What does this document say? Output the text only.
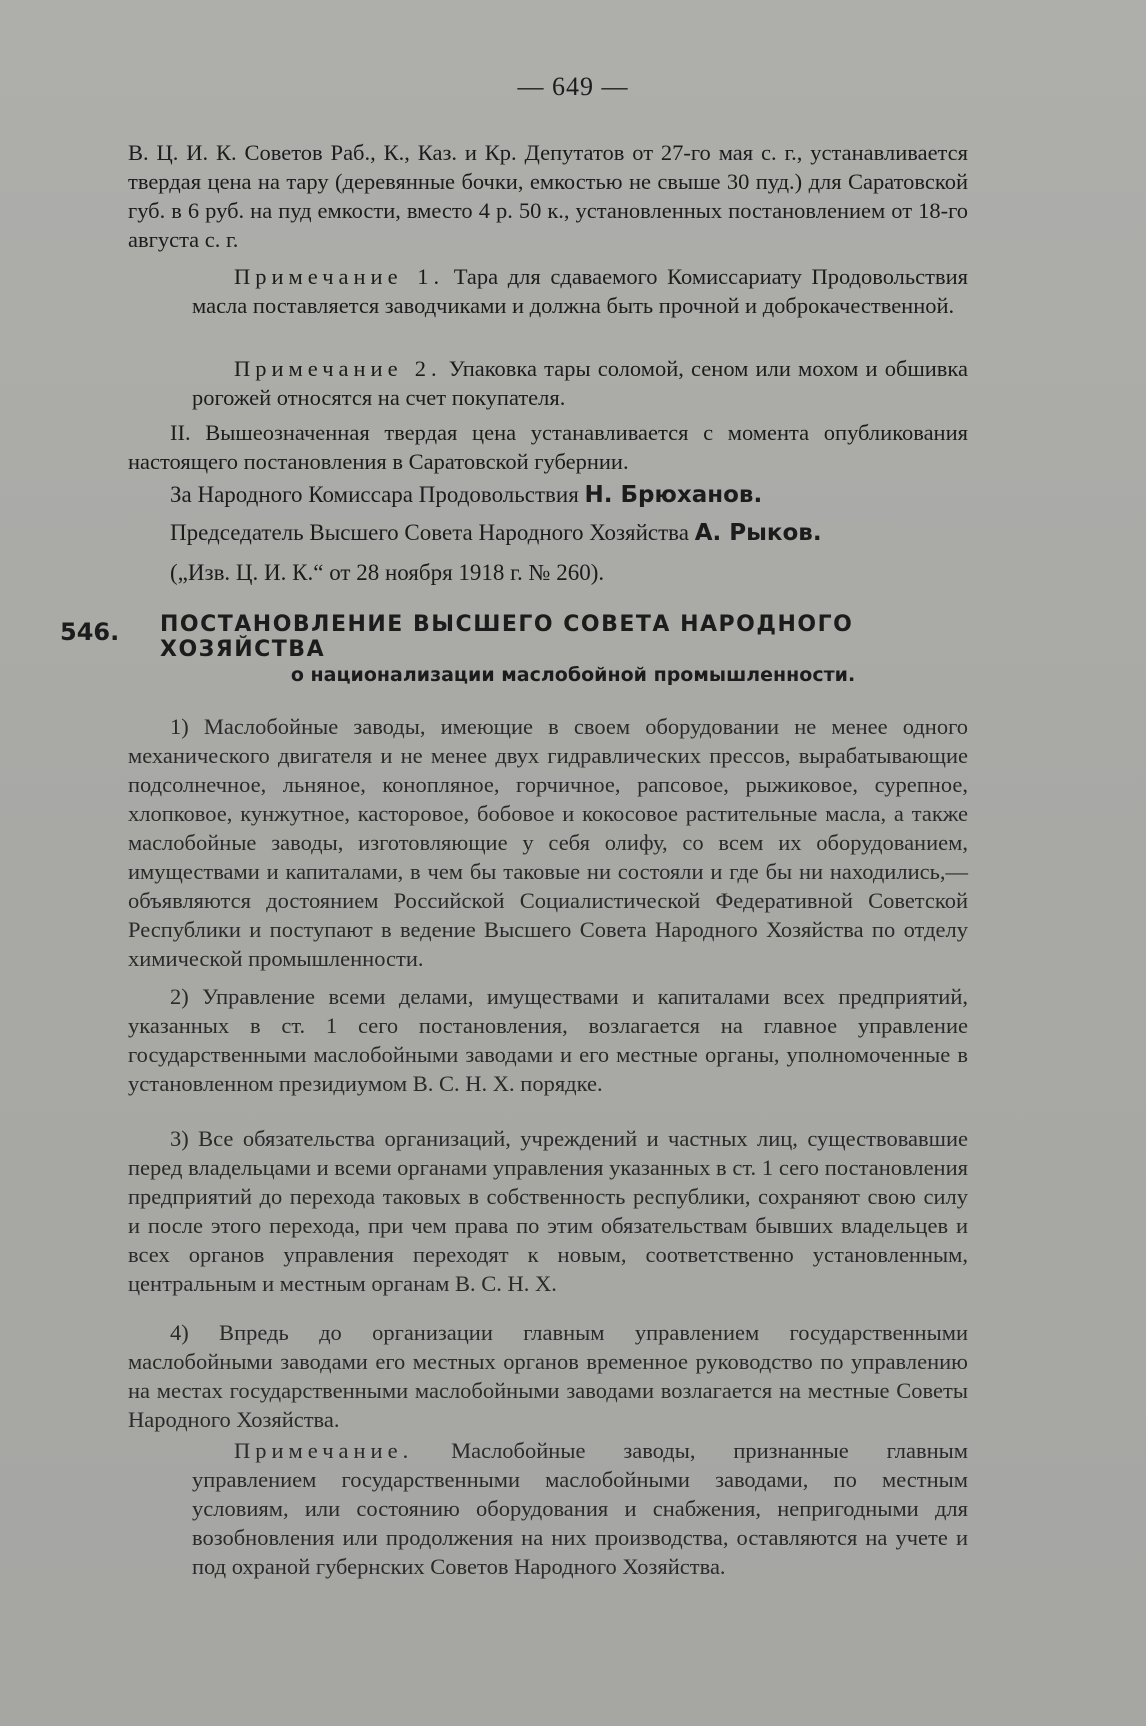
— 649 —

В. Ц. И. К. Советов Раб., К., Каз. и Кр. Депутатов от 27-го мая с. г., устанавливается твердая цена на тару (деревянные бочки, емкостью не свыше 30 пуд.) для Саратовской губ. в 6 руб. на пуд емкости, вместо 4 р. 50 к., установленных постановлением от 18-го августа с. г.

Примечание 1. Тара для сдаваемого Комиссариату Продовольствия масла поставляется заводчиками и должна быть прочной и доброкачественной.

Примечание 2. Упаковка тары соломой, сеном или мохом и обшивка рогожей относятся на счет покупателя.

II. Вышеозначенная твердая цена устанавливается с момента опубликования настоящего постановления в Саратовской губернии.

За Народного Комиссара Продовольствия Н. Брюханов.
Председатель Высшего Совета Народного Хозяйства А. Рыков.
(„Изв. Ц. И. К.“ от 28 ноября 1918 г. № 260).
546. ПОСТАНОВЛЕНИЕ ВЫСШЕГО СОВЕТА НАРОДНОГО ХОЗЯЙСТВА
о национализации маслобойной промышленности.

1) Маслобойные заводы, имеющие в своем оборудовании не менее одного механического двигателя и не менее двух гидравлических прессов, вырабатывающие подсолнечное, льняное, конопляное, горчичное, рапсовое, рыжиковое, сурепное, хлопковое, кунжутное, касторовое, бобовое и кокосовое растительные масла, а также маслобойные заводы, изготовляющие у себя олифу, со всем их оборудованием, имуществами и капиталами, в чем бы таковые ни состояли и где бы ни находились,—объявляются достоянием Российской Социалистической Федеративной Советской Республики и поступают в ведение Высшего Совета Народного Хозяйства по отделу химической промышленности.

2) Управление всеми делами, имуществами и капиталами всех предприятий, указанных в ст. 1 сего постановления, возлагается на главное управление государственными маслобойными заводами и его местные органы, уполномоченные в установленном президиумом В. С. Н. Х. порядке.

3) Все обязательства организаций, учреждений и частных лиц, существовавшие перед владельцами и всеми органами управления указанных в ст. 1 сего постановления предприятий до перехода таковых в собственность республики, сохраняют свою силу и после этого перехода, при чем права по этим обязательствам бывших владельцев и всех органов управления переходят к новым, соответственно установленным, центральным и местным органам В. С. Н. Х.

4) Впредь до организации главным управлением государственными маслобойными заводами его местных органов временное руководство по управлению на местах государственными маслобойными заводами возлагается на местные Советы Народного Хозяйства.

Примечание. Маслобойные заводы, признанные главным управлением государственными маслобойными заводами, по местным условиям, или состоянию оборудования и снабжения, непригодными для возобновления или продолжения на них производства, оставляются на учете и под охраной губернских Советов Народного Хозяйства.
